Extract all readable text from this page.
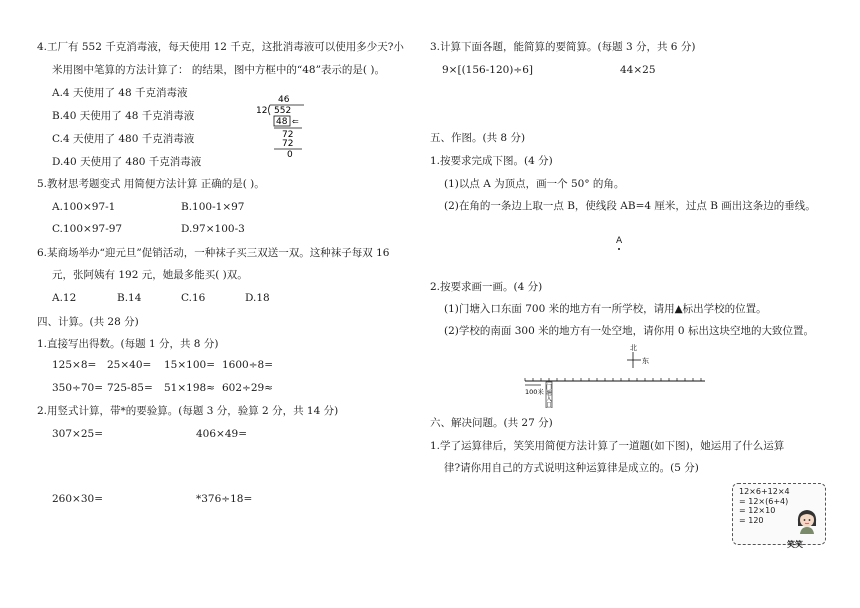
4.工厂有 552 千克消毒液，每天使用 12 千克，这批消毒液可以使用多少天?小
米用图中笔算的方法计算了： 的结果，图中方框中的“48”表示的是( )。
A.4 天使用了 48 千克消毒液
B.40 天使用了 48 千克消毒液
C.4 天使用了 480 千克消毒液
D.40 天使用了 480 千克消毒液
46
12 552
48 ⇐
72
72
0
5.教材思考题变式 用简便方法计算 正确的是( )。
A.100×97-1	B.100-1×97
C.100×97-97	D.97×100-3
6.某商场举办“迎元旦”促销活动，一种袜子买三双送一双。这种袜子每双 16
元，张阿姨有 192 元，她最多能买( )双。
A.12	B.14	C.16	D.18
四、计算。(共 28 分)
1.直接写出得数。(每题 1 分，共 8 分)
125×8= 25×40= 15×100= 1600÷8=
350÷70= 725-85= 51×198≈ 602÷29≈
2.用竖式计算，带*的要验算。(每题 3 分，验算 2 分，共 14 分)
307×25=	406×49=
260×30=	*376÷18=
3.计算下面各题，能简算的要简算。(每题 3 分，共 6 分)
9×[(156-120)÷6]	44×25
五、作图。(共 8 分)
1.按要求完成下图。(4 分)
(1)以点 A 为顶点，画一个 50° 的角。
(2)在角的一条边上取一点 B，使线段 AB=4 厘米，过点 B 画出这条边的垂线。
A
2.按要求画一画。(4 分)
(1)门塘入口东面 700 米的地方有一所学校，请用▲标出学校的位置。
(2)学校的南面 300 米的地方有一处空地，请你用 0 标出这块空地的大致位置。
北
东
100米
门
塘
入
口
六、解决问题。(共 27 分)
1.学了运算律后，笑笑用简便方法计算了一道题(如下图)，她运用了什么运算
律?请你用自己的方式说明这种运算律是成立的。(5 分)
12×6+12×4
= 12×(6+4)
= 12×10
= 120
笑笑
